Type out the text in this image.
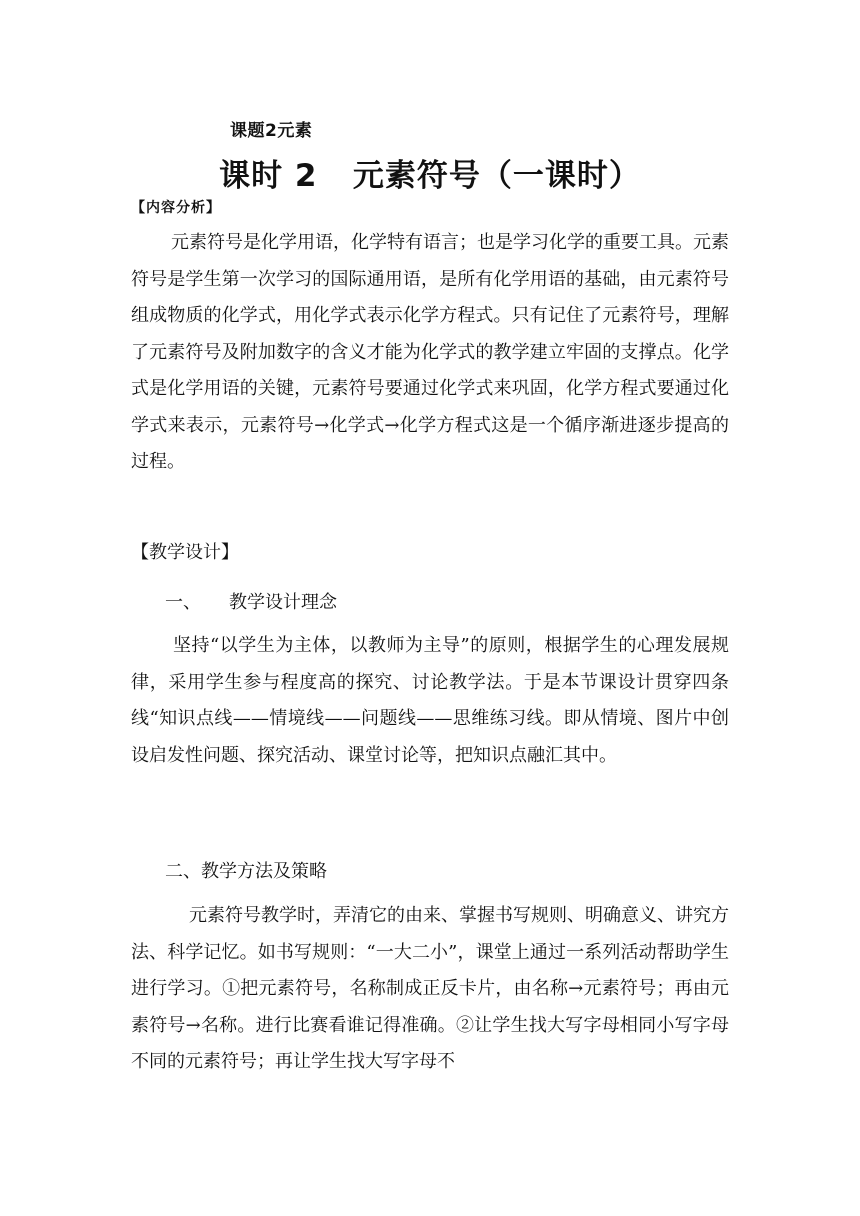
课题2元素
课时 2   元素符号（一课时）
【内容分析】

元素符号是化学用语，化学特有语言；也是学习化学的重要工具。元素符号是学生第一次学习的国际通用语，是所有化学用语的基础，由元素符号组成物质的化学式，用化学式表示化学方程式。只有记住了元素符号，理解了元素符号及附加数字的含义才能为化学式的教学建立牢固的支撑点。化学式是化学用语的关键，元素符号要通过化学式来巩固，化学方程式要通过化学式来表示，元素符号→化学式→化学方程式这是一个循序渐进逐步提高的过程。

【教学设计】
一、 教学设计理念

坚持“以学生为主体，以教师为主导”的原则，根据学生的心理发展规律，采用学生参与程度高的探究、讨论教学法。于是本节课设计贯穿四条线“知识点线——情境线——问题线——思维练习线。即从情境、图片中创设启发性问题、探究活动、课堂讨论等，把知识点融汇其中。

二、教学方法及策略

元素符号教学时，弄清它的由来、掌握书写规则、明确意义、讲究方法、科学记忆。如书写规则：“一大二小”，课堂上通过一系列活动帮助学生进行学习。①把元素符号，名称制成正反卡片，由名称→元素符号；再由元素符号→名称。进行比赛看谁记得准确。②让学生找大写字母相同小写字母不同的元素符号；再让学生找大写字母不
